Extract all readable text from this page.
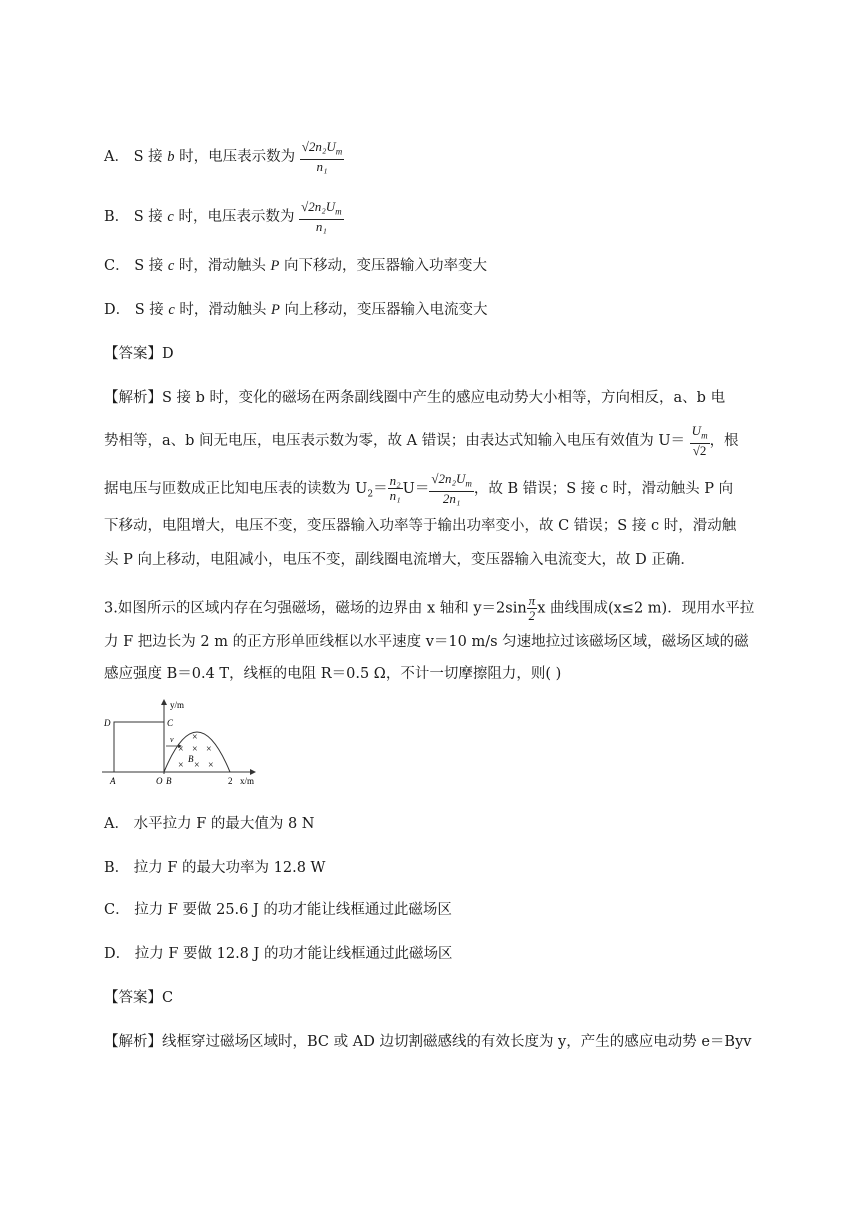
A． S 接 b 时，电压表示数为 $\frac{√2n_2U_m}{\text{n₁}}$
B． S 接 c 时，电压表示数为 $\frac{√2n_2U_m}{\text{n₁}}$
C． S 接 c 时，滑动触头 P 向下移动，变压器输入功率变大
D． S 接 c 时，滑动触头 P 向上移动，变压器输入电流变大
【答案】D
【解析】S 接 b 时，变化的磁场在两条副线圈中产生的感应电动势大小相等，方向相反，a、b 电
势相等，a、b 间无电压，电压表示数为零，故 A 错误；由表达式知输入电压有效值为 $U= \frac{U_m}{√2}$ ，根
据电压与匝数成正比知电压表的读数为 $U_2= \frac{\text{n₂}}{\text{n₁}} U= \frac{√2n_2U_m}{\text{2n₁}}$ ，故 B 错误；S 接 c 时，滑动触头 P 向
下移动，电阻增大，电压不变，变压器输入功率等于输出功率变小，故 C 错误；S 接 c 时，滑动触
头 P 向上移动，电阻减小，电压不变，副线圈电流增大，变压器输入电流变大，故 D 正确．
3.如图所示的区域内存在匀强磁场，磁场的边界由 x 轴和 $y=2\sin \frac{\pi}{2}$ x 曲线围成(x≤2 m)．现用水平拉
力 F 把边长为 2 m 的正方形单匝线框以水平速度 v＝10 m/s 匀速地拉过该磁场区域，磁场区域的磁
感应强度 B＝0.4 T，线框的电阻 R＝0.5 Ω，不计一切摩擦阻力，则( )
y/m
x/m
D	C
A	O B
v
B
2
×
× × ×
× × ×
A． 水平拉力 F 的最大值为 8 N
B． 拉力 F 的最大功率为 12.8 W
C． 拉力 F 要做 25.6 J 的功才能让线框通过此磁场区
D． 拉力 F 要做 12.8 J 的功才能让线框通过此磁场区
【答案】C
【解析】线框穿过磁场区域时，BC 或 AD 边切割磁感线的有效长度为 y，产生的感应电动势 e＝Byv
